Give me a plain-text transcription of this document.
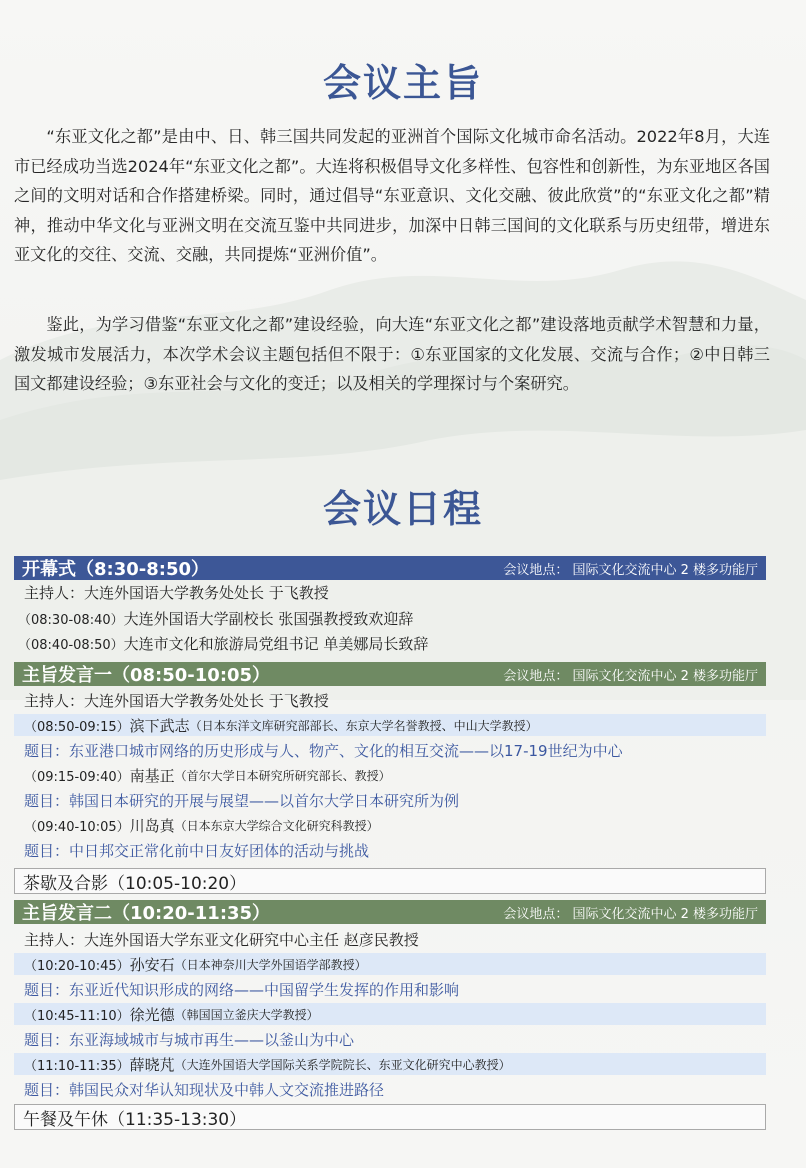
会议主旨
“东亚文化之都”是由中、日、韩三国共同发起的亚洲首个国际文化城市命名活动。2022年8月，大连市已经成功当选2024年“东亚文化之都”。大连将积极倡导文化多样性、包容性和创新性，为东亚地区各国之间的文明对话和合作搭建桥梁。同时，通过倡导“东亚意识、文化交融、彼此欣赏”的“东亚文化之都”精神，推动中华文化与亚洲文明在交流互鉴中共同进步，加深中日韩三国间的文化联系与历史纽带，增进东亚文化的交往、交流、交融，共同提炼“亚洲价值”。
鉴此，为学习借鉴“东亚文化之都”建设经验，向大连“东亚文化之都”建设落地贡献学术智慧和力量，激发城市发展活力，本次学术会议主题包括但不限于：①东亚国家的文化发展、交流与合作；②中日韩三国文都建设经验；③东亚社会与文化的变迁；以及相关的学理探讨与个案研究。
会议日程
开幕式（8:30-8:50）	会议地点： 国际文化交流中心 2 楼多功能厅
主持人：大连外国语大学教务处处长 于飞教授
（08:30-08:40） 大连外国语大学副校长 张国强教授致欢迎辞
（08:40-08:50） 大连市文化和旅游局党组书记 单美娜局长致辞
主旨发言一（08:50-10:05）	会议地点： 国际文化交流中心 2 楼多功能厅
主持人：大连外国语大学教务处处长 于飞教授
（08:50-09:15） 滨下武志 （日本东洋文库研究部部长、东京大学名誉教授、中山大学教授）
题目：东亚港口城市网络的历史形成与人、物产、文化的相互交流——以17-19世纪为中心
（09:15-09:40） 南基正 （首尔大学日本研究所研究部长、教授）
题目：韩国日本研究的开展与展望——以首尔大学日本研究所为例
（09:40-10:05） 川岛真 （日本东京大学综合文化研究科教授）
题目：中日邦交正常化前中日友好团体的活动与挑战
茶歇及合影（10:05-10:20）
主旨发言二（10:20-11:35）	会议地点： 国际文化交流中心 2 楼多功能厅
主持人：大连外国语大学东亚文化研究中心主任 赵彦民教授
（10:20-10:45） 孙安石 （日本神奈川大学外国语学部教授）
题目：东亚近代知识形成的网络——中国留学生发挥的作用和影响
（10:45-11:10） 徐光德 （韩国国立釜庆大学教授）
题目：东亚海域城市与城市再生——以釜山为中心
（11:10-11:35） 薛晓芃 （大连外国语大学国际关系学院院长、东亚文化研究中心教授）
题目：韩国民众对华认知现状及中韩人文交流推进路径
午餐及午休（11:35-13:30）
